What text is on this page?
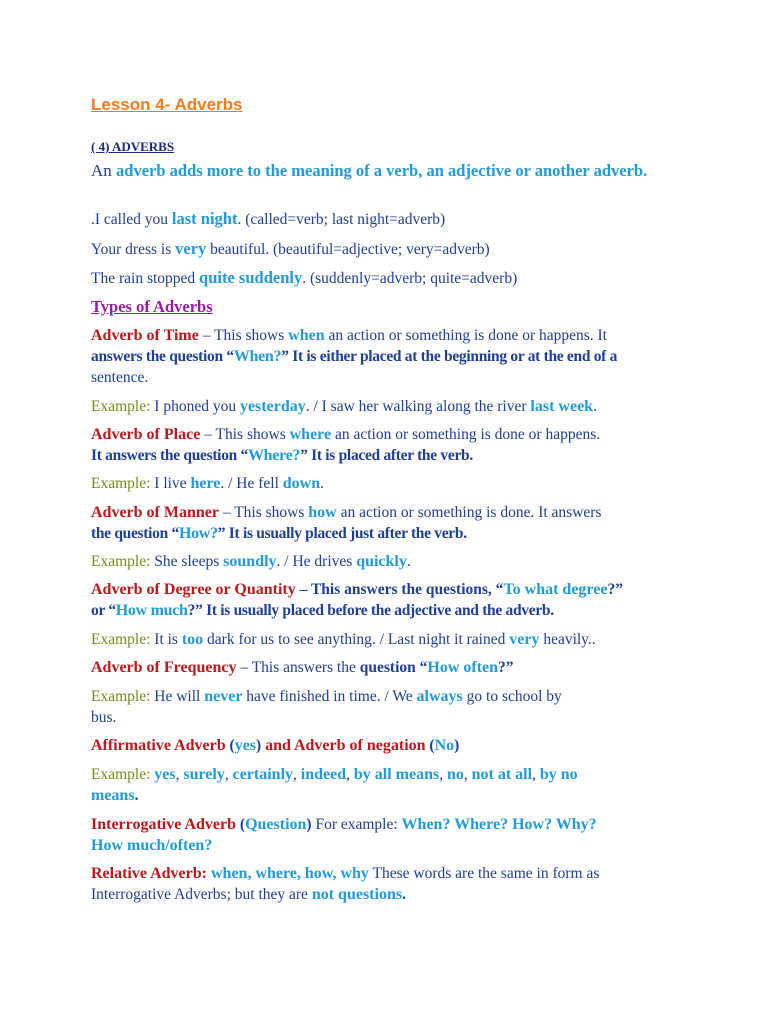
Lesson 4- Adverbs
( 4) ADVERBS
An adverb adds more to the meaning of a verb, an adjective or another adverb.
.I called you last night. (called=verb; last night=adverb)
Your dress is very beautiful. (beautiful=adjective; very=adverb)
The rain stopped quite suddenly. (suddenly=adverb; quite=adverb)
Types of Adverbs
Adverb of Time – This shows when an action or something is done or happens. It
answers the question “When?” It is either placed at the beginning or at the end of a
sentence.
Example: I phoned you yesterday. / I saw her walking along the river last week.
Adverb of Place – This shows where an action or something is done or happens.
It answers the question “Where?” It is placed after the verb.
Example: I live here. / He fell down.
Adverb of Manner – This shows how an action or something is done. It answers
the question “How?” It is usually placed just after the verb.
Example: She sleeps soundly. / He drives quickly.
Adverb of Degree or Quantity – This answers the questions, “To what degree?”
or “How much?” It is usually placed before the adjective and the adverb.
Example: It is too dark for us to see anything. / Last night it rained very heavily..
Adverb of Frequency – This answers the question “How often?”
Example: He will never have finished in time. / We always go to school by
bus.
Affirmative Adverb (yes) and Adverb of negation (No)
Example: yes, surely, certainly, indeed, by all means, no, not at all, by no
means.
Interrogative Adverb (Question) For example: When? Where? How? Why?
How much/often?
Relative Adverb: when, where, how, why These words are the same in form as
Interrogative Adverbs; but they are not questions.
